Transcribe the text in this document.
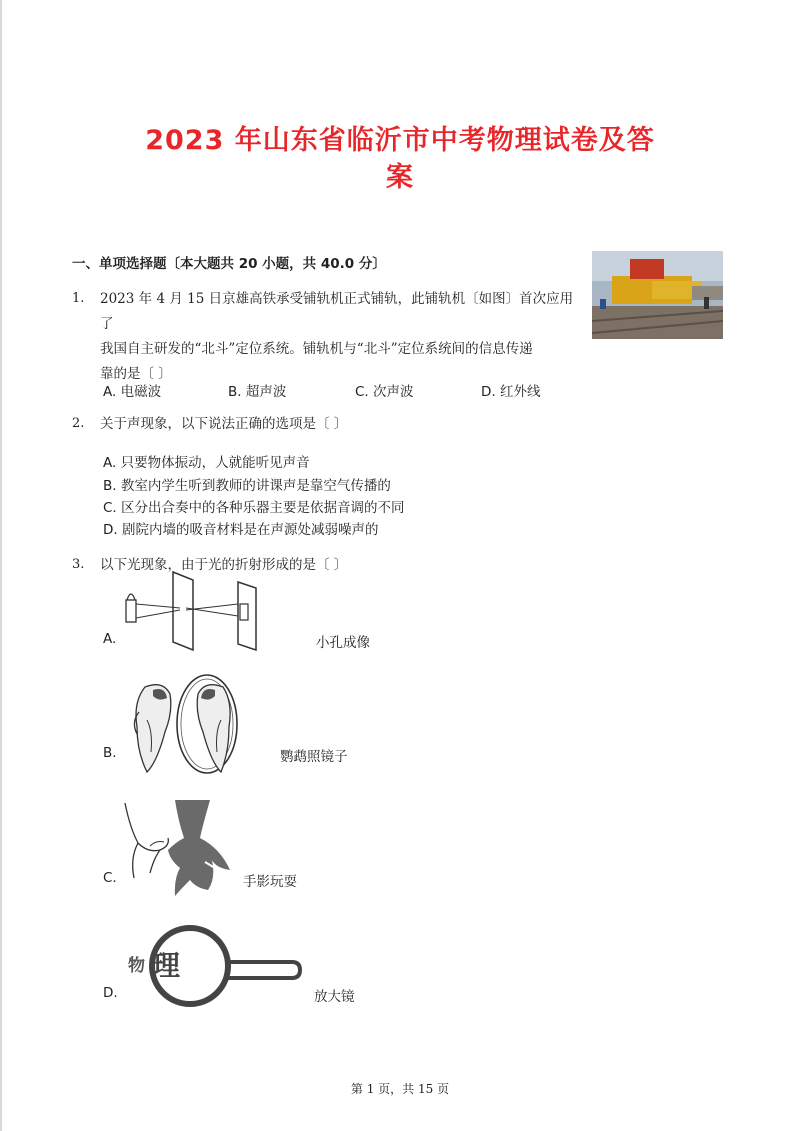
2023 年山东省临沂市中考物理试卷及答
案
一、单项选择题〔本大题共 20 小题，共 40.0 分〕
1. 2023 年 4 月 15 日京雄高铁承受铺轨机正式铺轨，此铺轨机〔如图〕首次应用了
我国自主研发的“北斗”定位系统。铺轨机与“北斗”定位系统间的信息传递
靠的是〔 〕
A. 电磁波	B. 超声波	C. 次声波	D. 红外线
2. 关于声现象，以下说法正确的选项是〔 〕
A. 只要物体振动，人就能听见声音
B. 教室内学生听到教师的讲课声是靠空气传播的
C. 区分出合奏中的各种乐器主要是依据音调的不同
D. 剧院内墙的吸音材料是在声源处减弱噪声的
3. 以下光现象，由于光的折射形成的是〔 〕
A.	小孔成像
B.	鹦鹉照镜子
C.	手影玩耍
物 理
D.	放大镜
第 1 页，共 15 页
